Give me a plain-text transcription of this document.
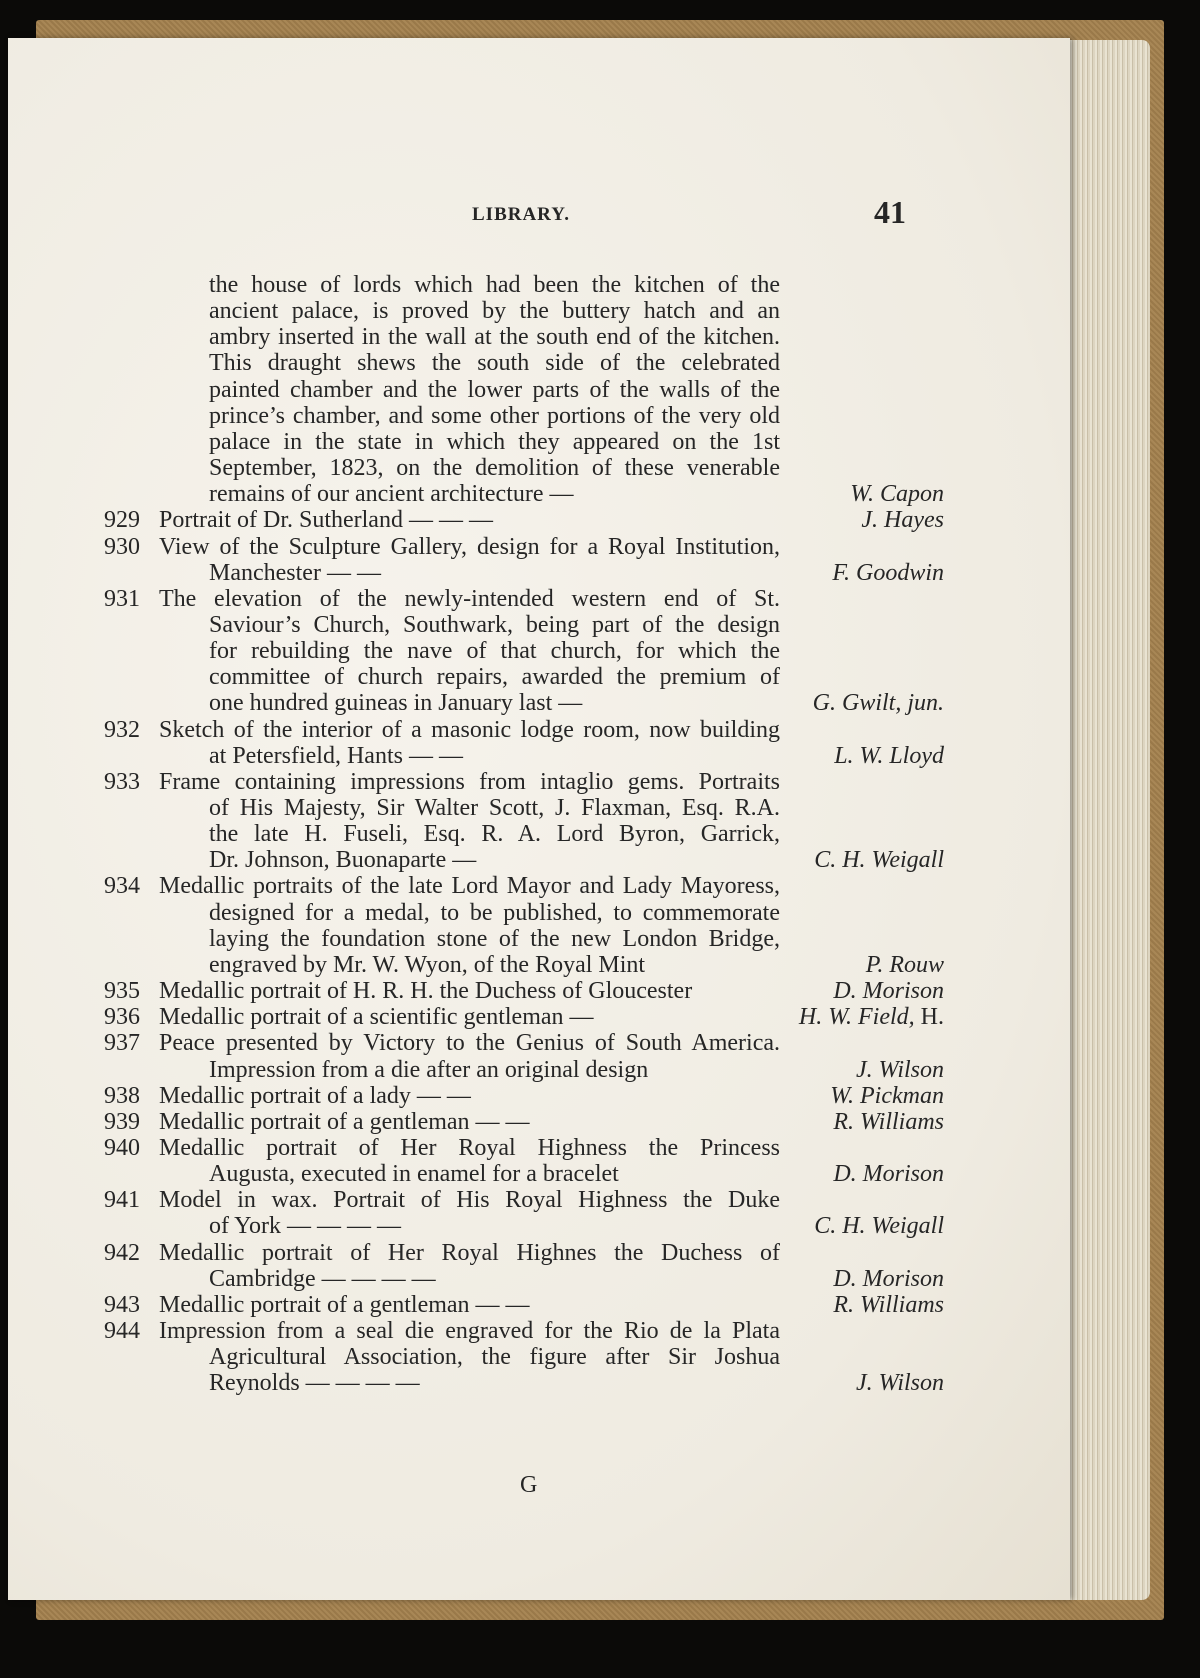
LIBRARY.	41
the house of lords which had been the kitchen of the
ancient palace, is proved by the buttery hatch and an
ambry inserted in the wall at the south end of the kitchen.
This draught shews the south side of the celebrated
painted chamber and the lower parts of the walls of the
prince’s chamber, and some other portions of the very old
palace in the state in which they appeared on the 1st
September, 1823, on the demolition of these venerable
remains of our ancient architecture —	W. Capon
929 Portrait of Dr. Sutherland — — —	J. Hayes
930 View of the Sculpture Gallery, design for a Royal Institution,
Manchester — —	F. Goodwin
931 The elevation of the newly-intended western end of St.
Saviour’s Church, Southwark, being part of the design
for rebuilding the nave of that church, for which the
committee of church repairs, awarded the premium of
one hundred guineas in January last —	G. Gwilt, jun.
932 Sketch of the interior of a masonic lodge room, now building
at Petersfield, Hants — —	L. W. Lloyd
933 Frame containing impressions from intaglio gems. Portraits
of His Majesty, Sir Walter Scott, J. Flaxman, Esq. R.A.
the late H. Fuseli, Esq. R. A. Lord Byron, Garrick,
Dr. Johnson, Buonaparte —	C. H. Weigall
934 Medallic portraits of the late Lord Mayor and Lady Mayoress,
designed for a medal, to be published, to commemorate
laying the foundation stone of the new London Bridge,
engraved by Mr. W. Wyon, of the Royal Mint	P. Rouw
935 Medallic portrait of H. R. H. the Duchess of Gloucester	D. Morison
936 Medallic portrait of a scientific gentleman —	H. W. Field, H.
937 Peace presented by Victory to the Genius of South America.
Impression from a die after an original design	J. Wilson
938 Medallic portrait of a lady — —	W. Pickman
939 Medallic portrait of a gentleman — —	R. Williams
940 Medallic portrait of Her Royal Highness the Princess
Augusta, executed in enamel for a bracelet	D. Morison
941 Model in wax. Portrait of His Royal Highness the Duke
of York — — — —	C. H. Weigall
942 Medallic portrait of Her Royal Highnes the Duchess of
Cambridge — — — —	D. Morison
943 Medallic portrait of a gentleman — —	R. Williams
944 Impression from a seal die engraved for the Rio de la Plata
Agricultural Association, the figure after Sir Joshua
Reynolds — — — —	J. Wilson
G
